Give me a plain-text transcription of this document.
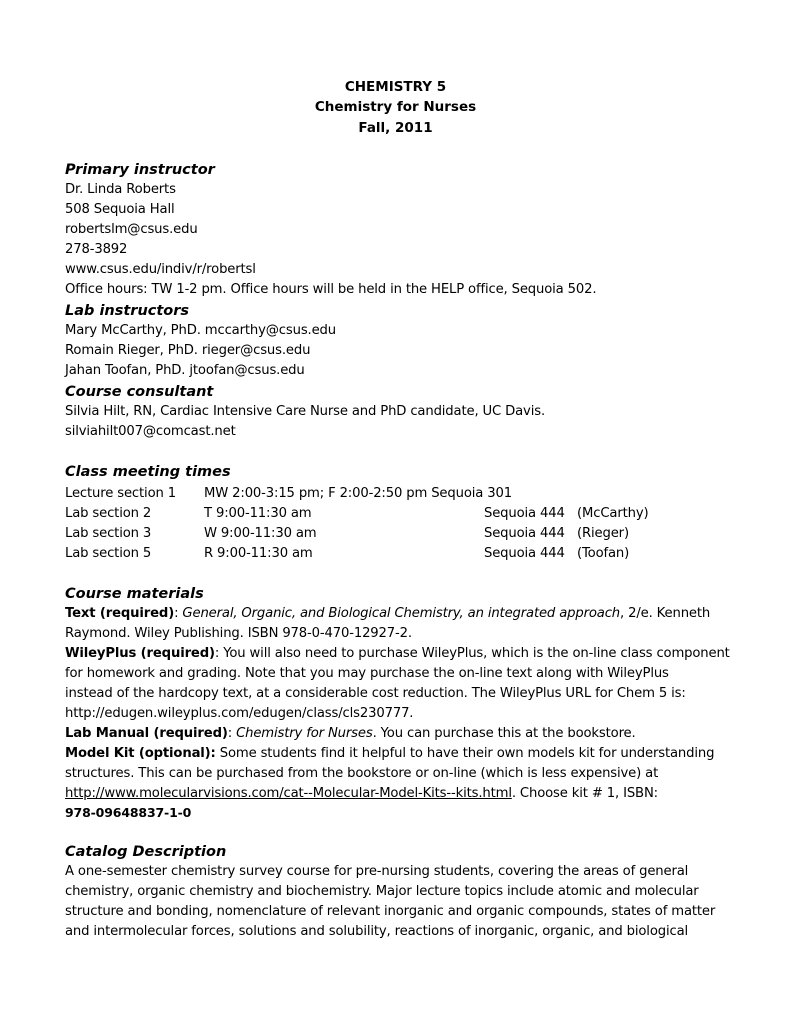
CHEMISTRY 5
Chemistry for Nurses
Fall, 2011
Primary instructor
Dr. Linda Roberts
508 Sequoia Hall
robertslm@csus.edu
278-3892
www.csus.edu/indiv/r/robertsl
Office hours: TW 1-2 pm. Office hours will be held in the HELP office, Sequoia 502.
Lab instructors
Mary McCarthy, PhD. mccarthy@csus.edu
Romain Rieger, PhD. rieger@csus.edu
Jahan Toofan, PhD. jtoofan@csus.edu
Course consultant
Silvia Hilt, RN, Cardiac Intensive Care Nurse and PhD candidate, UC Davis.
silviahilt007@comcast.net
Class meeting times
Lecture section 1 MW 2:00-3:15 pm; F 2:00-2:50 pm Sequoia 301
Lab section 2	T 9:00-11:30 am	Sequoia 444 (McCarthy)
Lab section 3	W 9:00-11:30 am	Sequoia 444 (Rieger)
Lab section 5	R 9:00-11:30 am	Sequoia 444 (Toofan)
Course materials
Text (required): General, Organic, and Biological Chemistry, an integrated approach, 2/e. Kenneth
Raymond. Wiley Publishing. ISBN 978-0-470-12927-2.
WileyPlus (required): You will also need to purchase WileyPlus, which is the on-line class component
for homework and grading. Note that you may purchase the on-line text along with WileyPlus
instead of the hardcopy text, at a considerable cost reduction. The WileyPlus URL for Chem 5 is:
http://edugen.wileyplus.com/edugen/class/cls230777.
Lab Manual (required): Chemistry for Nurses. You can purchase this at the bookstore.
Model Kit (optional): Some students find it helpful to have their own models kit for understanding
structures. This can be purchased from the bookstore or on-line (which is less expensive) at
http://www.molecularvisions.com/cat--Molecular-Model-Kits--kits.html. Choose kit # 1, ISBN:
978-09648837-1-0
Catalog Description
A one-semester chemistry survey course for pre-nursing students, covering the areas of general
chemistry, organic chemistry and biochemistry. Major lecture topics include atomic and molecular
structure and bonding, nomenclature of relevant inorganic and organic compounds, states of matter
and intermolecular forces, solutions and solubility, reactions of inorganic, organic, and biological
